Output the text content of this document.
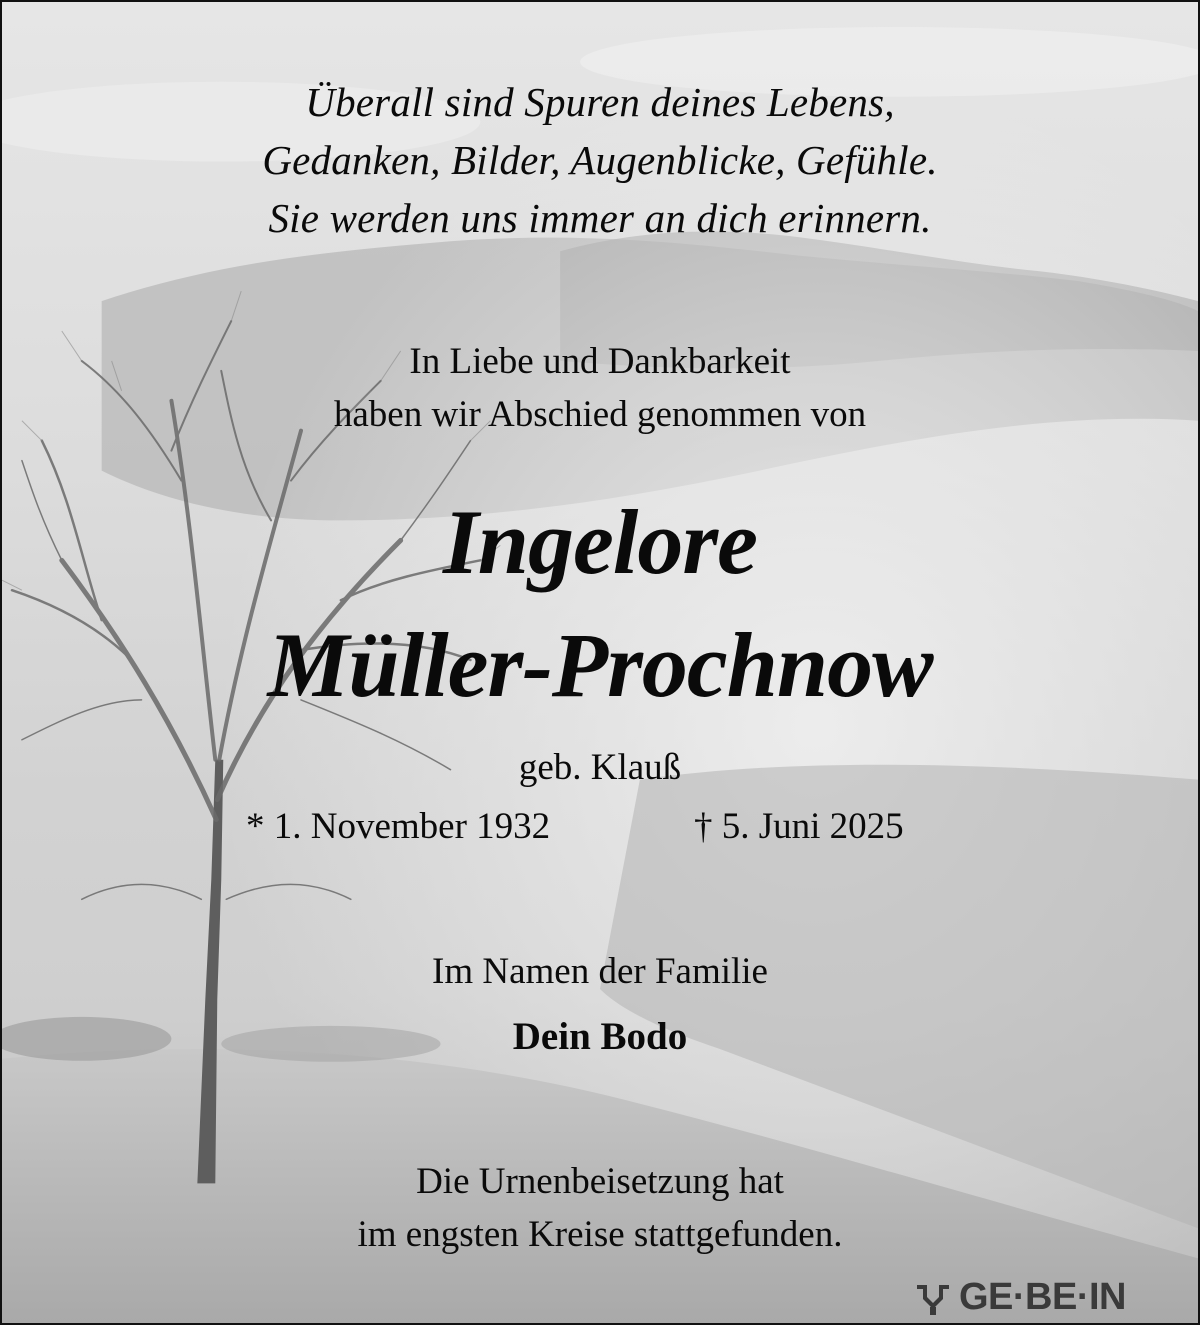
Überall sind Spuren deines Lebens,
Gedanken, Bilder, Augenblicke, Gefühle.
Sie werden uns immer an dich erinnern.
In Liebe und Dankbarkeit
haben wir Abschied genommen von
Ingelore
Müller-Prochnow
geb. Klauß
* 1. November 1932	† 5. Juni 2025
Im Namen der Familie
Dein Bodo
Die Urnenbeisetzung hat
im engsten Kreise stattgefunden.
GE·BE·IN
